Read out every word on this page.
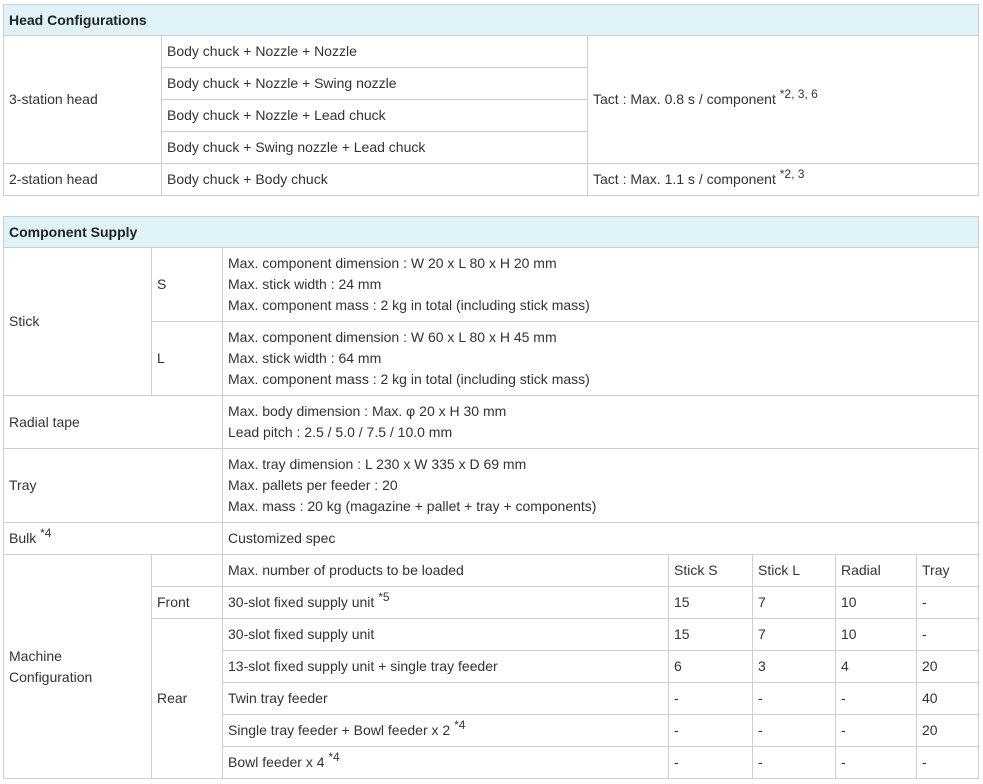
Head Configurations		
3-station head	Body chuck + Nozzle + Nozzle	Tact : Max. 0.8 s / component $^{*2, 3, 6}$
	Body chuck + Nozzle + Swing nozzle	
	Body chuck + Nozzle + Lead chuck	
	Body chuck + Swing nozzle + Lead chuck	
2-station head	Body chuck + Body chuck	Tact : Max. 1.1 s / component $^{*2, 3}$
Component Supply						
Stick	S	Max. component dimension : W 20 x L 80 x H 20 mm
Max. stick width : 24 mm
Max. component mass : 2 kg in total (including stick mass)				

	L	Max. component dimension : W 60 x L 80 x H 45 mm
Max. stick width : 64 mm
Max. component mass : 2 kg in total (including stick mass)				

Radial tape		Max. body dimension : Max. φ 20 x H 30 mm
Lead pitch : 2.5 / 5.0 / 7.5 / 10.0 mm				

Tray		Max. tray dimension : L 230 x W 335 x D 69 mm
Max. pallets per feeder : 20
Max. mass : 20 kg (magazine + pallet + tray + components)				

Bulk $^{*4}$		Customized spec				

Machine
Configuration		Max. number of products to be loaded	Stick S	Stick L	Radial	Tray
	Front	30-slot fixed supply unit $^{*5}$	15	7	10	-
	Rear	30-slot fixed supply unit	15	7	10	-
		13-slot fixed supply unit + single tray feeder	6	3	4	20
		Twin tray feeder	-	-	-	40
		Single tray feeder + Bowl feeder x 2 $^{*4}$	-	-	-	20
		Bowl feeder x 4 $^{*4}$	-	-	-	-
